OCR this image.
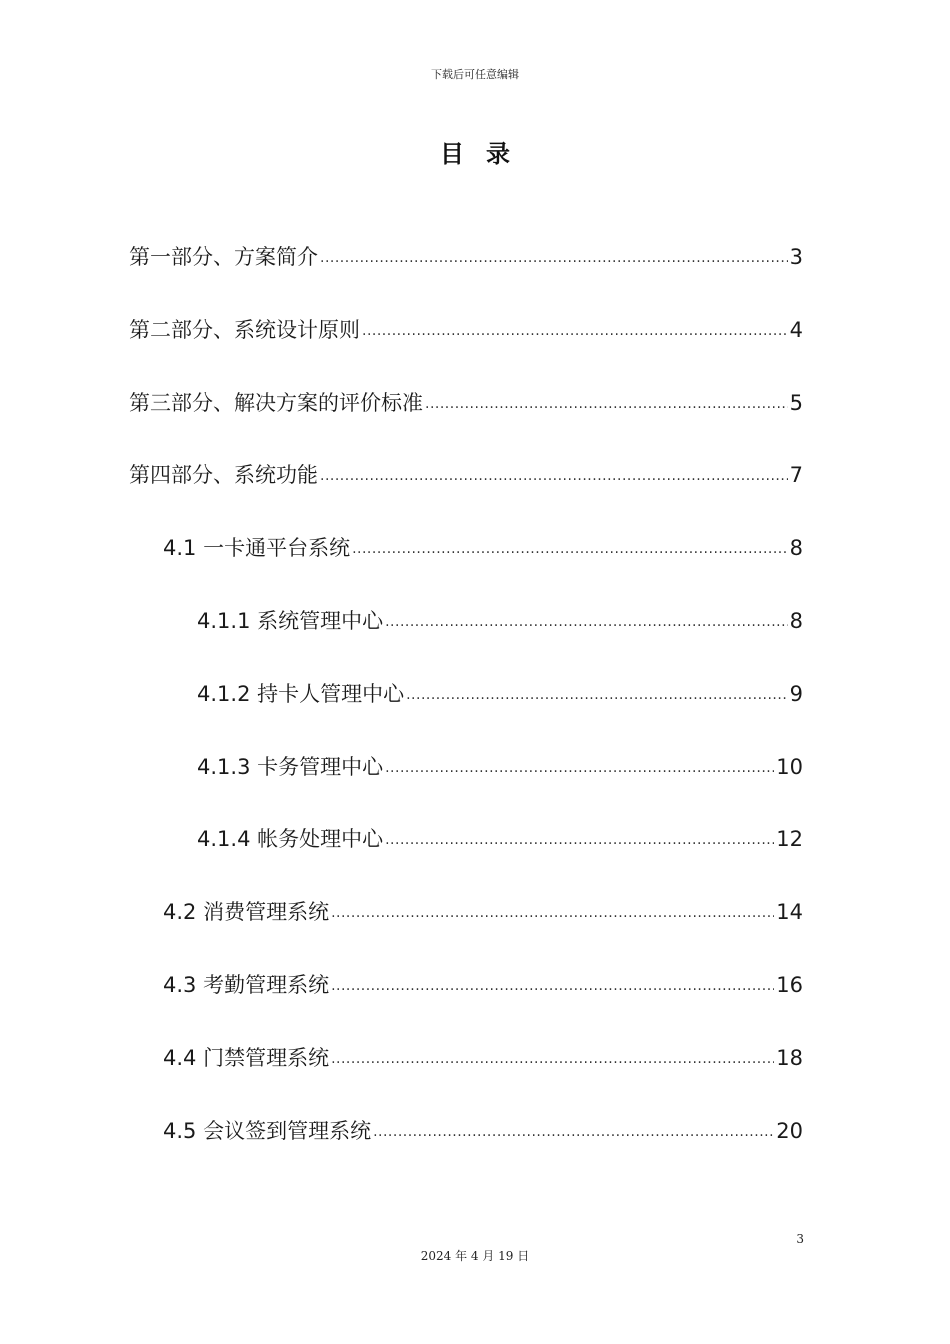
下载后可任意编辑
目录
第一部分、方案简介 .....	3
第二部分、系统设计原则 .....	4
第三部分、解决方案的评价标准 .....	5
第四部分、系统功能 .....	7
4.1 一卡通平台系统 .....	8
4.1.1 系统管理中心 .....	8
4.1.2 持卡人管理中心 .....	9
4.1.3 卡务管理中心 .....	10
4.1.4 帐务处理中心 .....	12
4.2 消费管理系统 .....	14
4.3 考勤管理系统 .....	16
4.4 门禁管理系统 .....	18
4.5 会议签到管理系统 .....	20
3
2024 年 4 月 19 日
